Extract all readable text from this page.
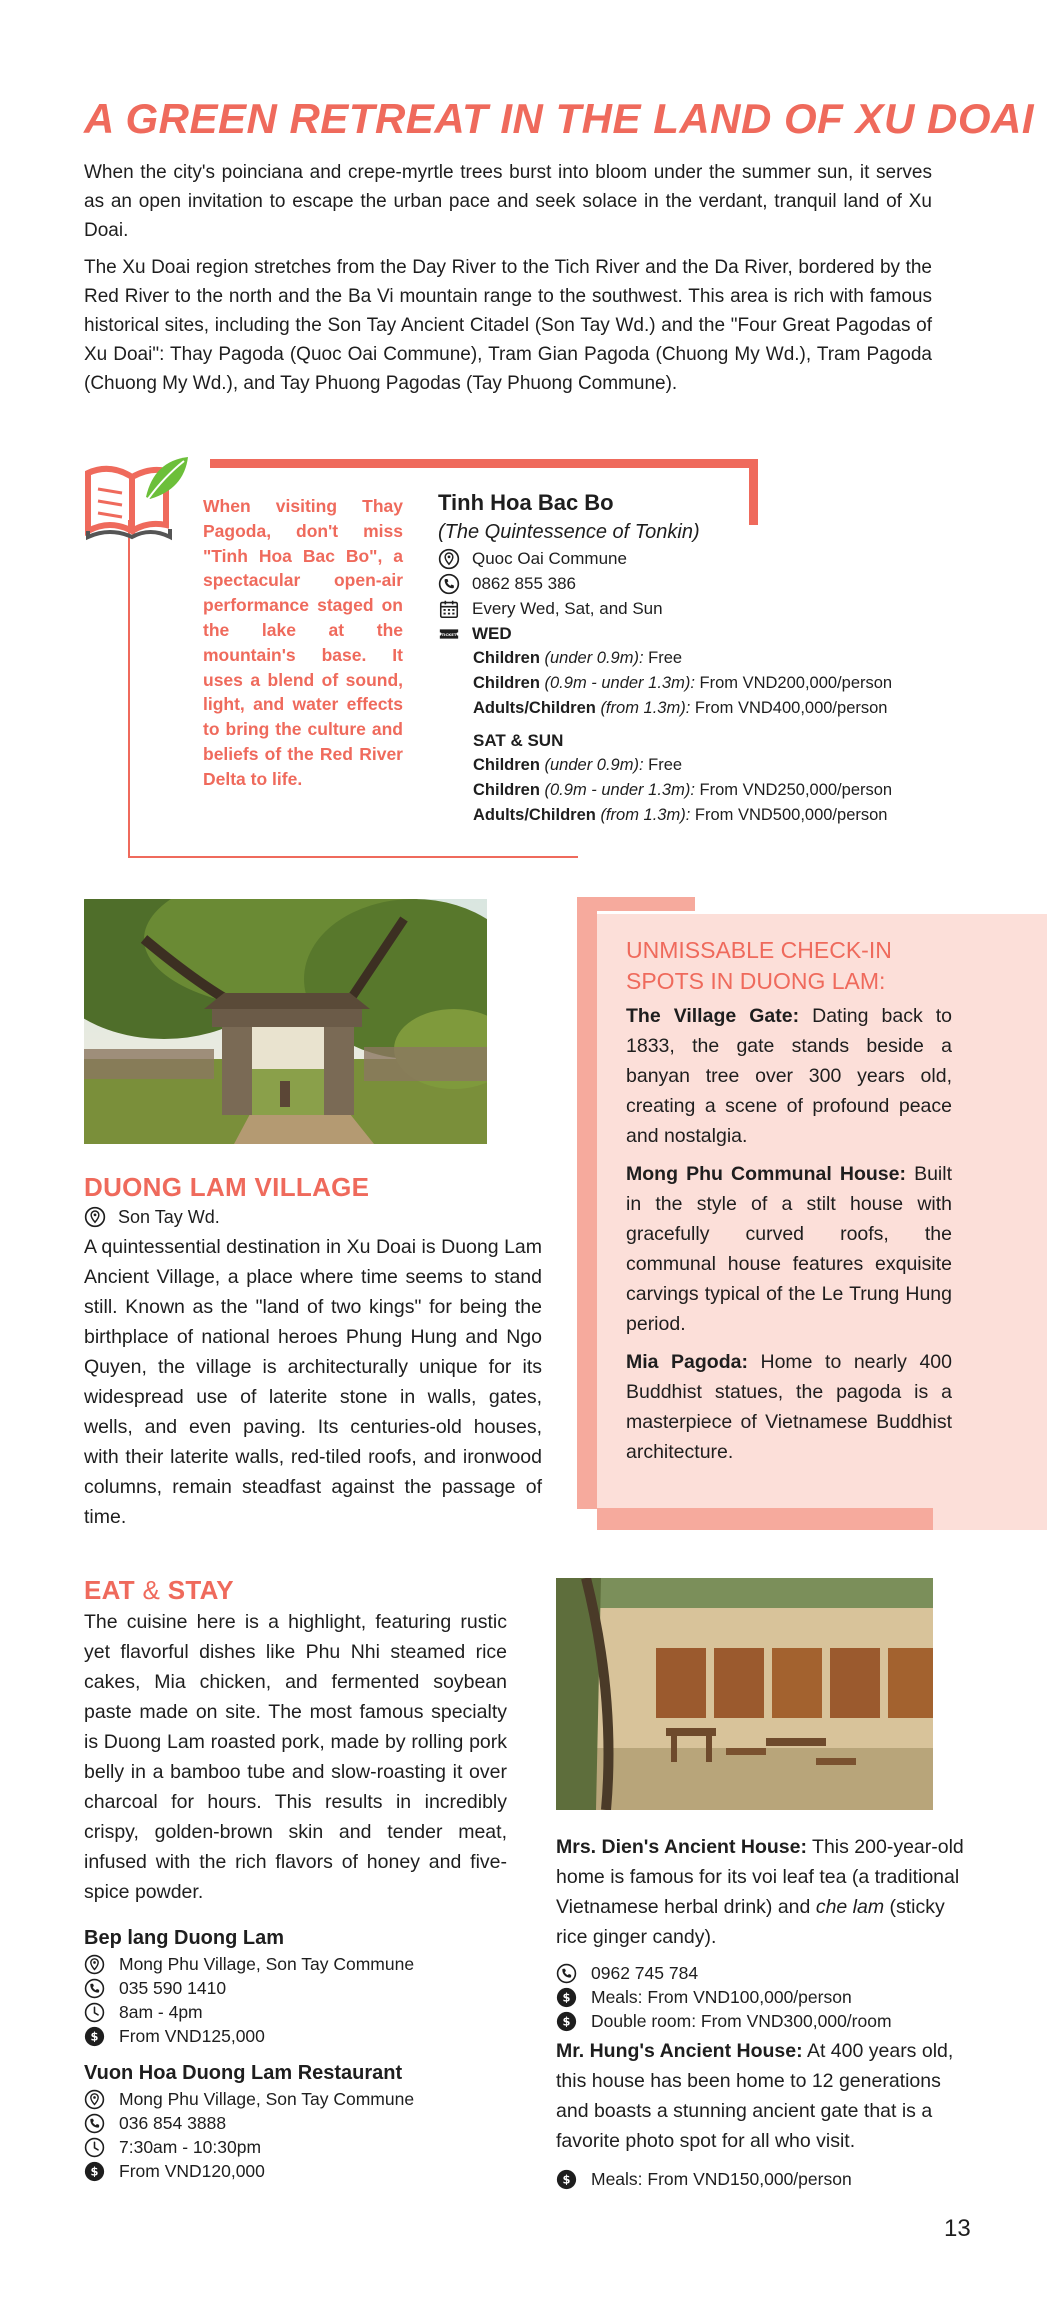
A GREEN RETREAT IN THE LAND OF XU DOAI

When the city's poinciana and crepe-myrtle trees burst into bloom under the summer sun, it serves as an open invitation to escape the urban pace and seek solace in the verdant, tranquil land of Xu Doai.

The Xu Doai region stretches from the Day River to the Tich River and the Da River, bordered by the Red River to the north and the Ba Vi mountain range to the southwest. This area is rich with famous historical sites, including the Son Tay Ancient Citadel (Son Tay Wd.) and the "Four Great Pagodas of Xu Doai": Thay Pagoda (Quoc Oai Commune), Tram Gian Pagoda (Chuong My Wd.), Tram Pagoda (Chuong My Wd.), and Tay Phuong Pagodas (Tay Phuong Commune).

When visiting Thay Pagoda, don't miss "Tinh Hoa Bac Bo", a spectacular open-air performance staged on the lake at the mountain's base. It uses a blend of sound, light, and water effects to bring the culture and beliefs of the Red River Delta to life.
Tinh Hoa Bac Bo
(The Quintessence of Tonkin)
Quoc Oai Commune
0862 855 386
Every Wed, Sat, and Sun
TICKET WED
Children (under 0.9m): Free
Children (0.9m - under 1.3m): From VND200,000/person
Adults/Children (from 1.3m): From VND400,000/person
SAT & SUN
Children (under 0.9m): Free
Children (0.9m - under 1.3m): From VND250,000/person
Adults/Children (from 1.3m): From VND500,000/person
DUONG LAM VILLAGE
Son Tay Wd.
A quintessential destination in Xu Doai is Duong Lam Ancient Village, a place where time seems to stand still. Known as the "land of two kings" for being the birthplace of national heroes Phung Hung and Ngo Quyen, the village is architecturally unique for its widespread use of laterite stone in walls, gates, wells, and even paving. Its centuries-old houses, with their laterite walls, red-tiled roofs, and ironwood columns, remain steadfast against the passage of time.
UNMISSABLE CHECK-IN
SPOTS IN DUONG LAM:

The Village Gate: Dating back to 1833, the gate stands beside a banyan tree over 300 years old, creating a scene of profound peace and nostalgia.

Mong Phu Communal House: Built in the style of a stilt house with gracefully curved roofs, the communal house features exquisite carvings typical of the Le Trung Hung period.

Mia Pagoda: Home to nearly 400 Buddhist statues, the pagoda is a masterpiece of Vietnamese Buddhist architecture.

EAT & STAY
The cuisine here is a highlight, featuring rustic yet flavorful dishes like Phu Nhi steamed rice cakes, Mia chicken, and fermented soybean paste made on site. The most famous specialty is Duong Lam roasted pork, made by rolling pork belly in a bamboo tube and slow-roasting it over charcoal for hours. This results in incredibly crispy, golden-brown skin and tender meat, infused with the rich flavors of honey and five-spice powder.
Bep lang Duong Lam
Mong Phu Village, Son Tay Commune
035 590 1410
8am - 4pm
From VND125,000
Vuon Hoa Duong Lam Restaurant
Mong Phu Village, Son Tay Commune
036 854 3888
7:30am - 10:30pm
From VND120,000
Mrs. Dien's Ancient House: This 200-year-old home is famous for its voi leaf tea (a traditional Vietnamese herbal drink) and che lam (sticky rice ginger candy).
0962 745 784
Meals: From VND100,000/person
Double room: From VND300,000/room
Mr. Hung's Ancient House: At 400 years old, this house has been home to 12 generations and boasts a stunning ancient gate that is a favorite photo spot for all who visit.
Meals: From VND150,000/person
13
